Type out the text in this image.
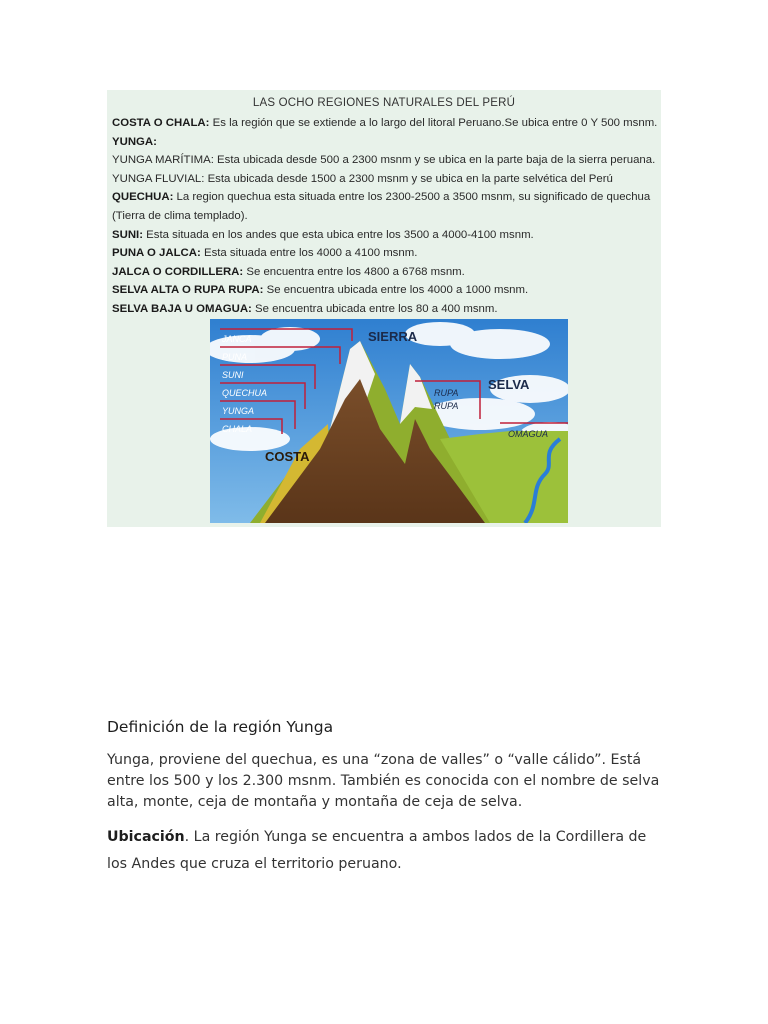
LAS OCHO REGIONES NATURALES DEL PERÚ
COSTA O CHALA: Es la región que se extiende a lo largo del litoral Peruano.Se ubica entre 0 Y 500 msnm.
YUNGA:
YUNGA MARÍTIMA: Esta ubicada desde 500 a 2300 msnm y se ubica en la parte baja de la sierra peruana.
YUNGA FLUVIAL: Esta ubicada desde 1500 a 2300 msnm y se ubica en la parte selvética del Perú
QUECHUA: La region quechua esta situada entre los 2300-2500 a 3500 msnm, su significado de quechua
(Tierra de clima templado).
SUNI: Esta situada en los andes que esta ubica entre los 3500 a 4000-4100 msnm.
PUNA O JALCA: Esta situada entre los 4000 a 4100 msnm.
JALCA O CORDILLERA: Se encuentra entre los 4800 a 6768 msnm.
SELVA ALTA O RUPA RUPA: Se encuentra ubicada entre los 4000 a 1000 msnm.
SELVA BAJA U OMAGUA: Se encuentra ubicada entre los 80 a 400 msnm.
JANCA
PUNA
SUNI
QUECHUA
YUNGA
CHALA
SIERRA
COSTA
SELVA
RUPA
RUPA
OMAGUA
Definición de la región Yunga

Yunga, proviene del quechua, es una “zona de valles” o “valle cálido”. Está entre los 500 y los 2.300 msnm. También es conocida con el nombre de selva alta, monte, ceja de montaña y montaña de ceja de selva.

Ubicación. La región Yunga se encuentra a ambos lados de la Cordillera de los Andes que cruza el territorio peruano.
